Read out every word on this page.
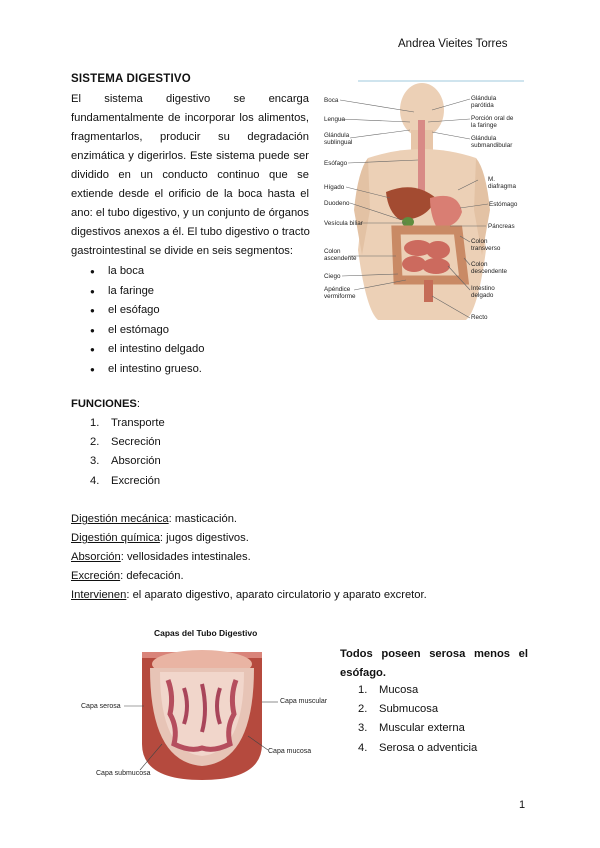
Andrea Vieites Torres
SISTEMA DIGESTIVO
El sistema digestivo se encarga
fundamentalmente de incorporar los alimentos,
fragmentarlos, producir su degradación
enzimática y digerirlos. Este sistema puede ser
dividido en un conducto continuo que se
extiende desde el orificio de la boca hasta el
ano: el tubo digestivo, y un conjunto de órganos
digestivos anexos a él. El tubo digestivo o tracto
gastrointestinal se divide en seis segmentos:
● la boca
● la faringe
● el esófago
● el estómago
● el intestino delgado
● el intestino grueso.
Boca
Lengua
Glándula sublingual
Esófago
Hígado
Duodeno
Vesícula biliar
Colon ascendente
Ciego
Apéndice vermiforme
Glándula parótida
Porción oral de la faringe
Glándula submandibular
M. diafragma
Estómago
Páncreas
Colon transverso
Colon descendente
Intestino delgado
Recto
FUNCIONES:
1. Transporte
2. Secreción
3. Absorción
4. Excreción
Digestión mecánica: masticación.
Digestión química: jugos digestivos.
Absorción: vellosidades intestinales.
Excreción: defecación.
Intervienen: el aparato digestivo, aparato circulatorio y aparato excretor.
Capas del Tubo Digestivo
Capa serosa
Capa muscular
Capa mucosa
Capa submucosa
Todos poseen serosa menos el esófago.
1. Mucosa
2. Submucosa
3. Muscular externa
4. Serosa o adventicia
1
